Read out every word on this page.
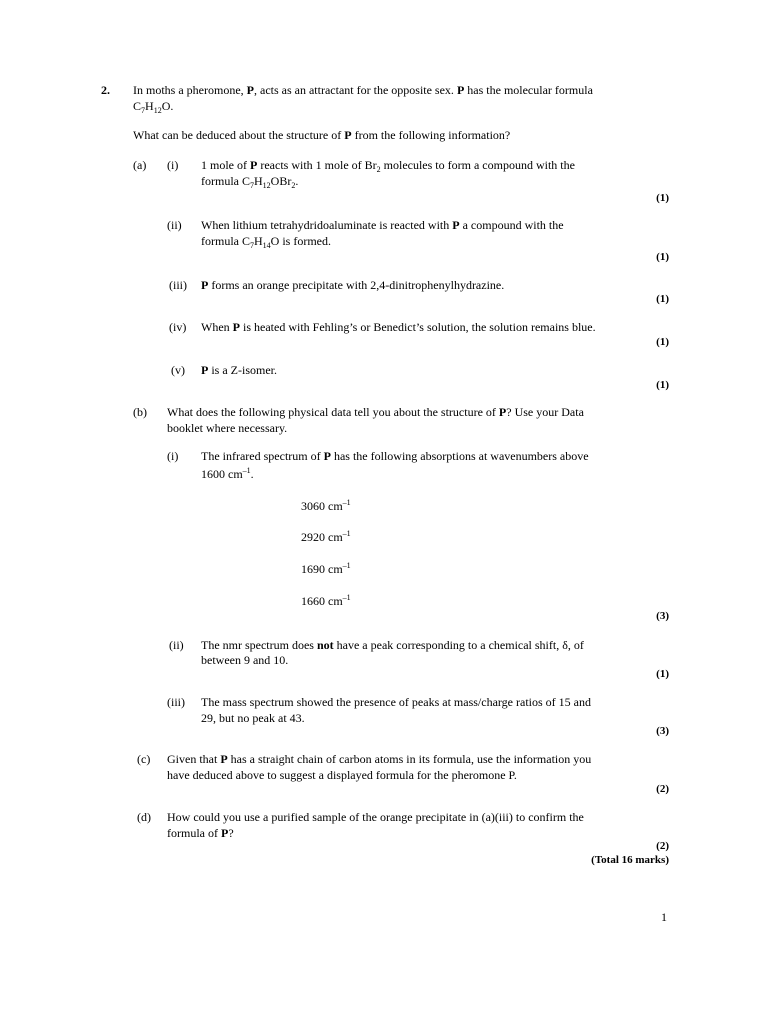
2. In moths a pheromone, P, acts as an attractant for the opposite sex. P has the molecular formula
$C_7H_{12}O$.
What can be deduced about the structure of P from the following information?
(a) (i) 1 mole of P reacts with 1 mole of $Br_2$ molecules to form a compound with the
formula $C_7H_{12}OBr_2$.
(1)
(ii) When lithium tetrahydridoaluminate is reacted with P a compound with the
formula $C_7H_{14}O$ is formed.
(1)
(iii) P forms an orange precipitate with 2,4-dinitrophenylhydrazine.
(1)
(iv) When P is heated with Fehling’s or Benedict’s solution, the solution remains blue.
(1)
(v) P is a Z-isomer.
(1)
(b) What does the following physical data tell you about the structure of P? Use your Data
booklet where necessary.
(i) The infrared spectrum of P has the following absorptions at wavenumbers above
1600 $cm^{-1}$.
3060 $cm^{-1}$
2920 $cm^{-1}$
1690 $cm^{-1}$
1660 $cm^{-1}$
(3)
(ii) The nmr spectrum does not have a peak corresponding to a chemical shift, δ, of
between 9 and 10.
(1)
(iii) The mass spectrum showed the presence of peaks at mass/charge ratios of 15 and
29, but no peak at 43.
(3)
(c) Given that P has a straight chain of carbon atoms in its formula, use the information you
have deduced above to suggest a displayed formula for the pheromone P.
(2)
(d) How could you use a purified sample of the orange precipitate in (a)(iii) to confirm the
formula of P?
(2)
(Total 16 marks)
1
